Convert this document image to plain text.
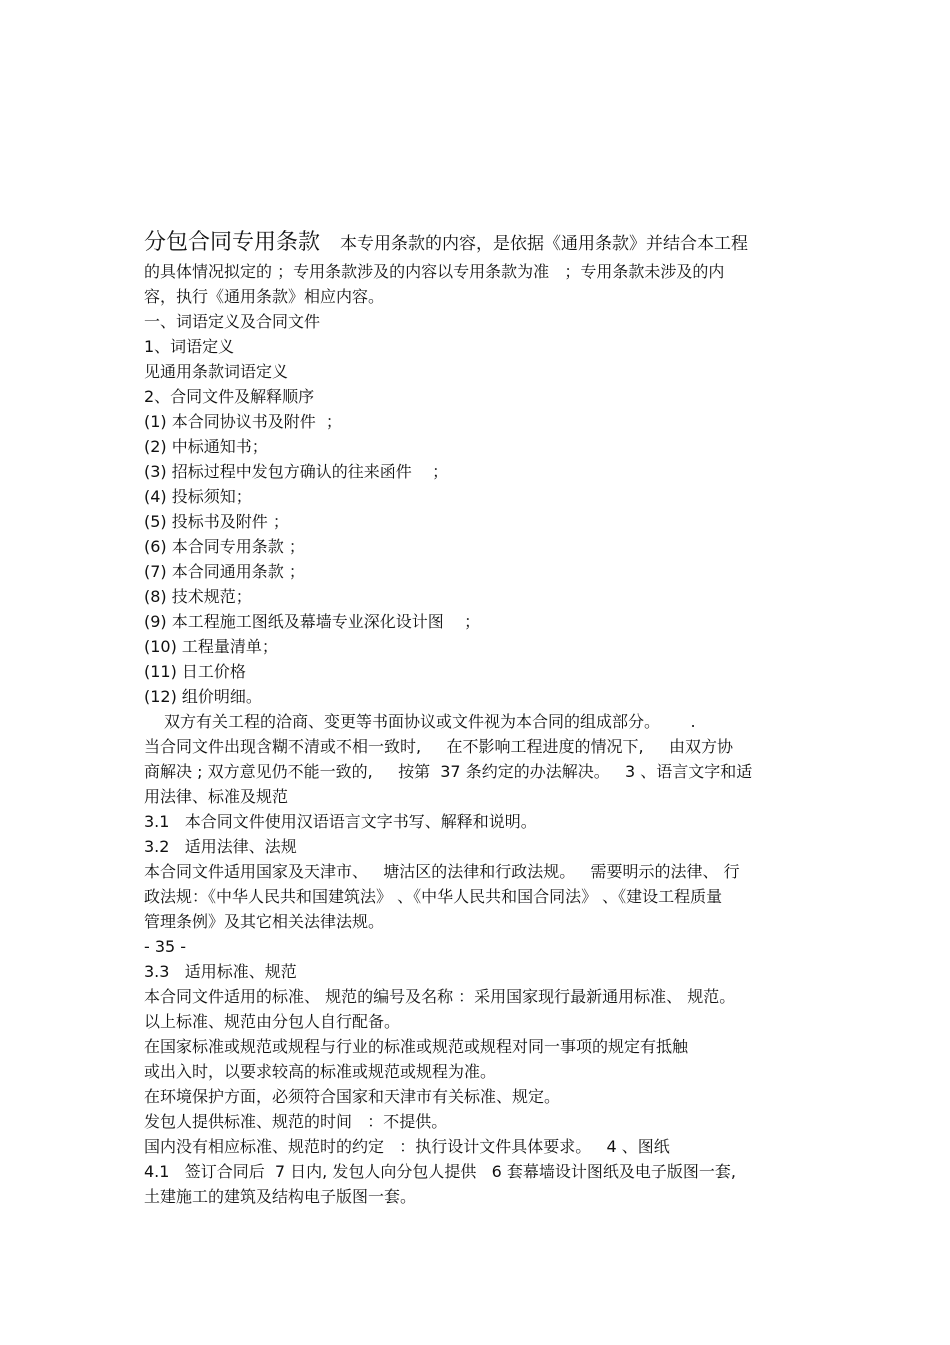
分包合同专用条款 本专用条款的内容，是依据《通用条款》并结合本工程
的具体情况拟定的 ；专用条款涉及的内容以专用条款为准   ；专用条款未涉及的内
容，执行《通用条款》相应内容。
一、词语定义及合同文件
1、词语定义
见通用条款词语定义
2、合同文件及解释顺序
(1) 本合同协议书及附件  ；
(2) 中标通知书；
(3) 招标过程中发包方确认的往来函件    ；
(4) 投标须知；
(5) 投标书及附件 ；
(6) 本合同专用条款 ；
(7) 本合同通用条款 ；
(8) 技术规范；
(9) 本工程施工图纸及幕墙专业深化设计图    ；
(10) 工程量清单；
(11) 日工价格
(12) 组价明细。
双方有关工程的洽商、变更等书面协议或文件视为本合同的组成部分。      .
当合同文件出现含糊不清或不相一致时,     在不影响工程进度的情况下,     由双方协
商解决 ; 双方意见仍不能一致的,     按第  37 条约定的办法解决。   3 、语言文字和适
用法律、标准及规范
3.1   本合同文件使用汉语语言文字书写、解释和说明。
3.2   适用法律、法规
本合同文件适用国家及天津市、   塘沽区的法律和行政法规。   需要明示的法律、 行
政法规：《中华人民共和国建筑法》 、《中华人民共和国合同法》 、《建设工程质量
管理条例》及其它相关法律法规。
- 35 -
3.3   适用标准、规范
本合同文件适用的标准、 规范的编号及名称 ：采用国家现行最新通用标准、 规范。
以上标准、规范由分包人自行配备。
在国家标准或规范或规程与行业的标准或规范或规程对同一事项的规定有抵触
或出入时，以要求较高的标准或规范或规程为准。
在环境保护方面，必须符合国家和天津市有关标准、规定。
发包人提供标准、规范的时间   ：不提供。
国内没有相应标准、规范时的约定   ：执行设计文件具体要求。   4 、图纸
4.1   签订合同后  7 日内, 发包人向分包人提供   6 套幕墙设计图纸及电子版图一套,
土建施工的建筑及结构电子版图一套。
